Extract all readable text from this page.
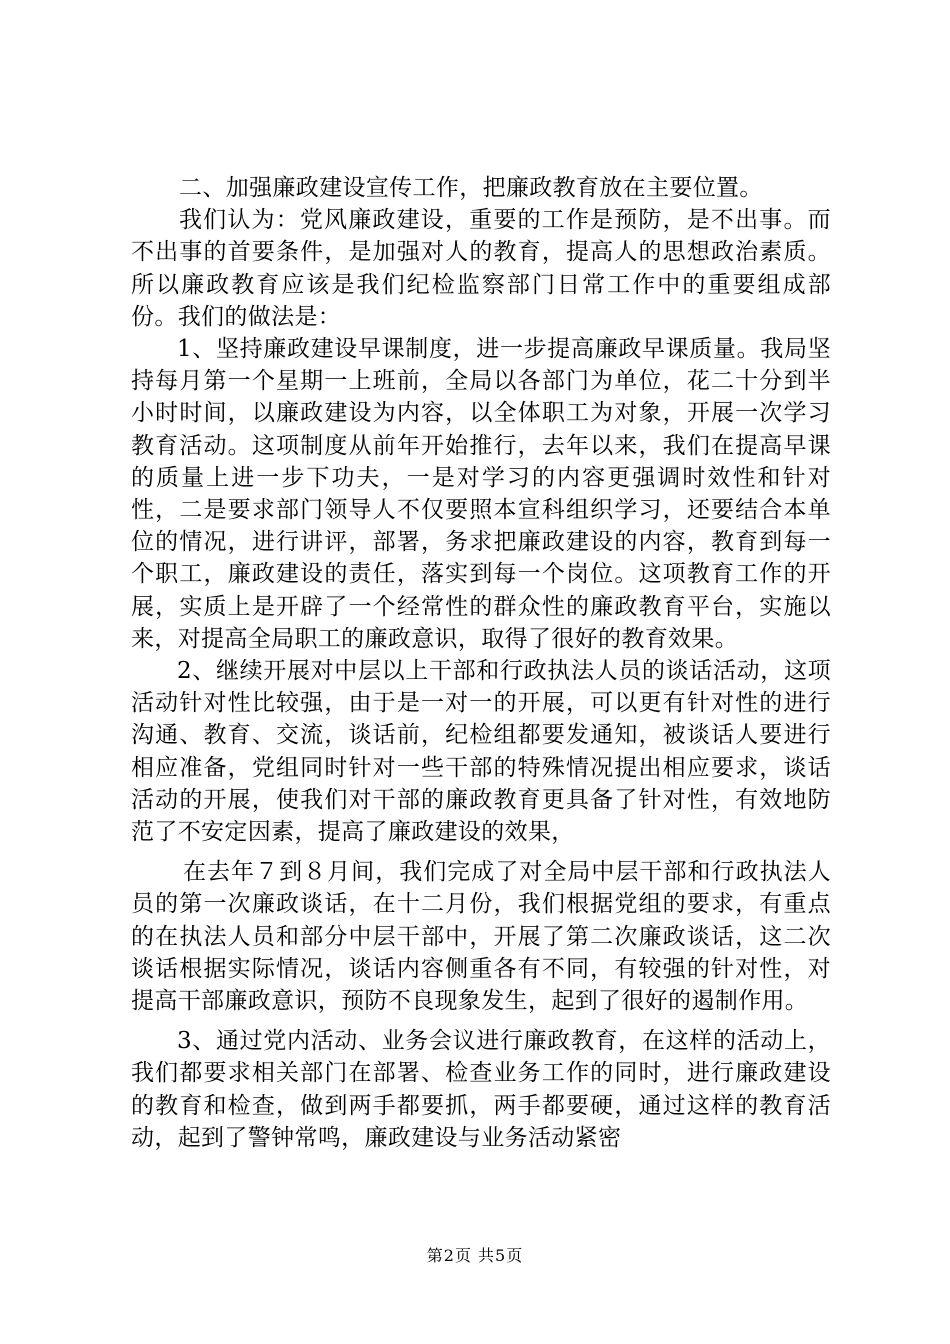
二、加强廉政建设宣传工作，把廉政教育放在主要位置。

我们认为：党风廉政建设，重要的工作是预防，是不出事。而不出事的首要条件，是加强对人的教育，提高人的思想政治素质。所以廉政教育应该是我们纪检监察部门日常工作中的重要组成部份。我们的做法是：

1、坚持廉政建设早课制度，进一步提高廉政早课质量。我局坚持每月第一个星期一上班前，全局以各部门为单位，花二十分到半小时时间，以廉政建设为内容，以全体职工为对象，开展一次学习教育活动。这项制度从前年开始推行，去年以来，我们在提高早课的质量上进一步下功夫，一是对学习的内容更强调时效性和针对性，二是要求部门领导人不仅要照本宣科组织学习，还要结合本单位的情况，进行讲评，部署，务求把廉政建设的内容，教育到每一个职工，廉政建设的责任，落实到每一个岗位。这项教育工作的开展，实质上是开辟了一个经常性的群众性的廉政教育平台，实施以来，对提高全局职工的廉政意识，取得了很好的教育效果。

2、继续开展对中层以上干部和行政执法人员的谈话活动，这项活动针对性比较强，由于是一对一的开展，可以更有针对性的进行沟通、教育、交流，谈话前，纪检组都要发通知，被谈话人要进行相应准备，党组同时针对一些干部的特殊情况提出相应要求，谈话活动的开展，使我们对干部的廉政教育更具备了针对性，有效地防范了不安定因素，提高了廉政建设的效果，

在去年７到８月间，我们完成了对全局中层干部和行政执法人员的第一次廉政谈话，在十二月份，我们根据党组的要求，有重点的在执法人员和部分中层干部中，开展了第二次廉政谈话，这二次谈话根据实际情况，谈话内容侧重各有不同，有较强的针对性，对提高干部廉政意识，预防不良现象发生，起到了很好的遏制作用。

3、通过党内活动、业务会议进行廉政教育，在这样的活动上，我们都要求相关部门在部署、检查业务工作的同时，进行廉政建设的教育和检查，做到两手都要抓，两手都要硬，通过这样的教育活动，起到了警钟常鸣，廉政建设与业务活动紧密

第2页 共5页
